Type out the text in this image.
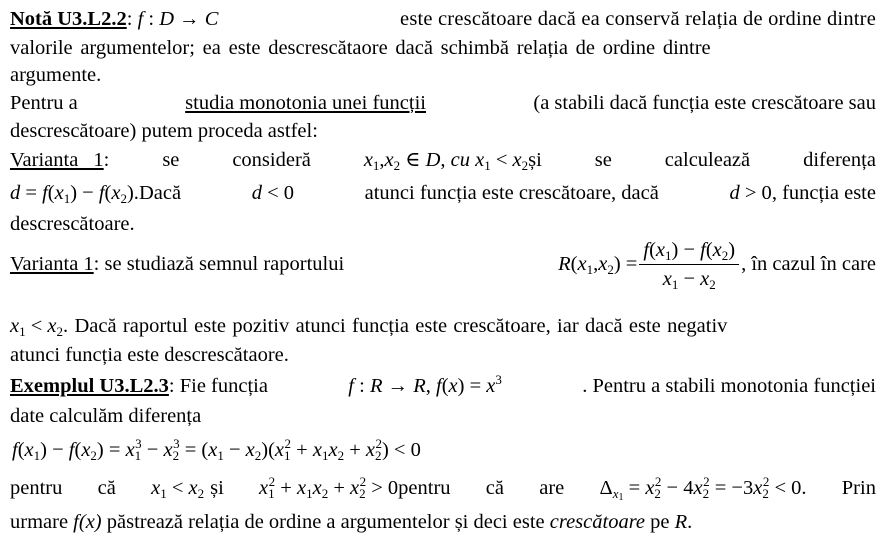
Notă U3.L2.2: f : D → C	este crescătoare dacă ea conservă relația de ordine dintre
valorile argumentelor; ea este descrescătaore dacă schimbă relația de ordine dintre
argumente.
Pentru a	studia monotonia unei funcții	(a stabili dacă funcția este crescătoare sau
descrescătoare) putem proceda astfel:
Varianta 1:	se	consideră	$x_1,x_2$ ∈ D, cu $x_1$ < $x_2și$	se	calculează	diferența
$d = f(x_1)$ − $f(x_2).Dacă$	d < 0	atunci funcția este crescătoare, dacă	d > 0, funcția este
descrescătoare.
Varianta 1: se studiază semnul raportului	$R(x_1,x_2) = \frac{f(x_1) - f(x_2)}{x_1 - x_2}$ , în cazul în care
$x_1 < x_2$ . Dacă raportul este pozitiv atunci funcția este crescătoare, iar dacă este negativ
atunci funcția este descrescătaore.
Exemplul U3.L2.3: Fie funcția	f : R → R, $f(x) = x^3$	. Pentru a stabili monotonia funcției
date calculăm diferența
$f(x_1) - f(x_2) = x_1^3 - x_2^3 = (x_1 - x_2)(x_1^2 + x_1x_2 + x_2^2) < 0$
pentru că $x_1 < x_2$ și $x_1^2 + x_1x_2 + x_2^2$ > 0pentru că are $\Delta_{x_1} = x_2^2 - 4x_2^2 = -3x_2^2 < 0$. Prin
urmare f(x) păstrează relația de ordine a argumentelor și deci este crescătoare pe R.
